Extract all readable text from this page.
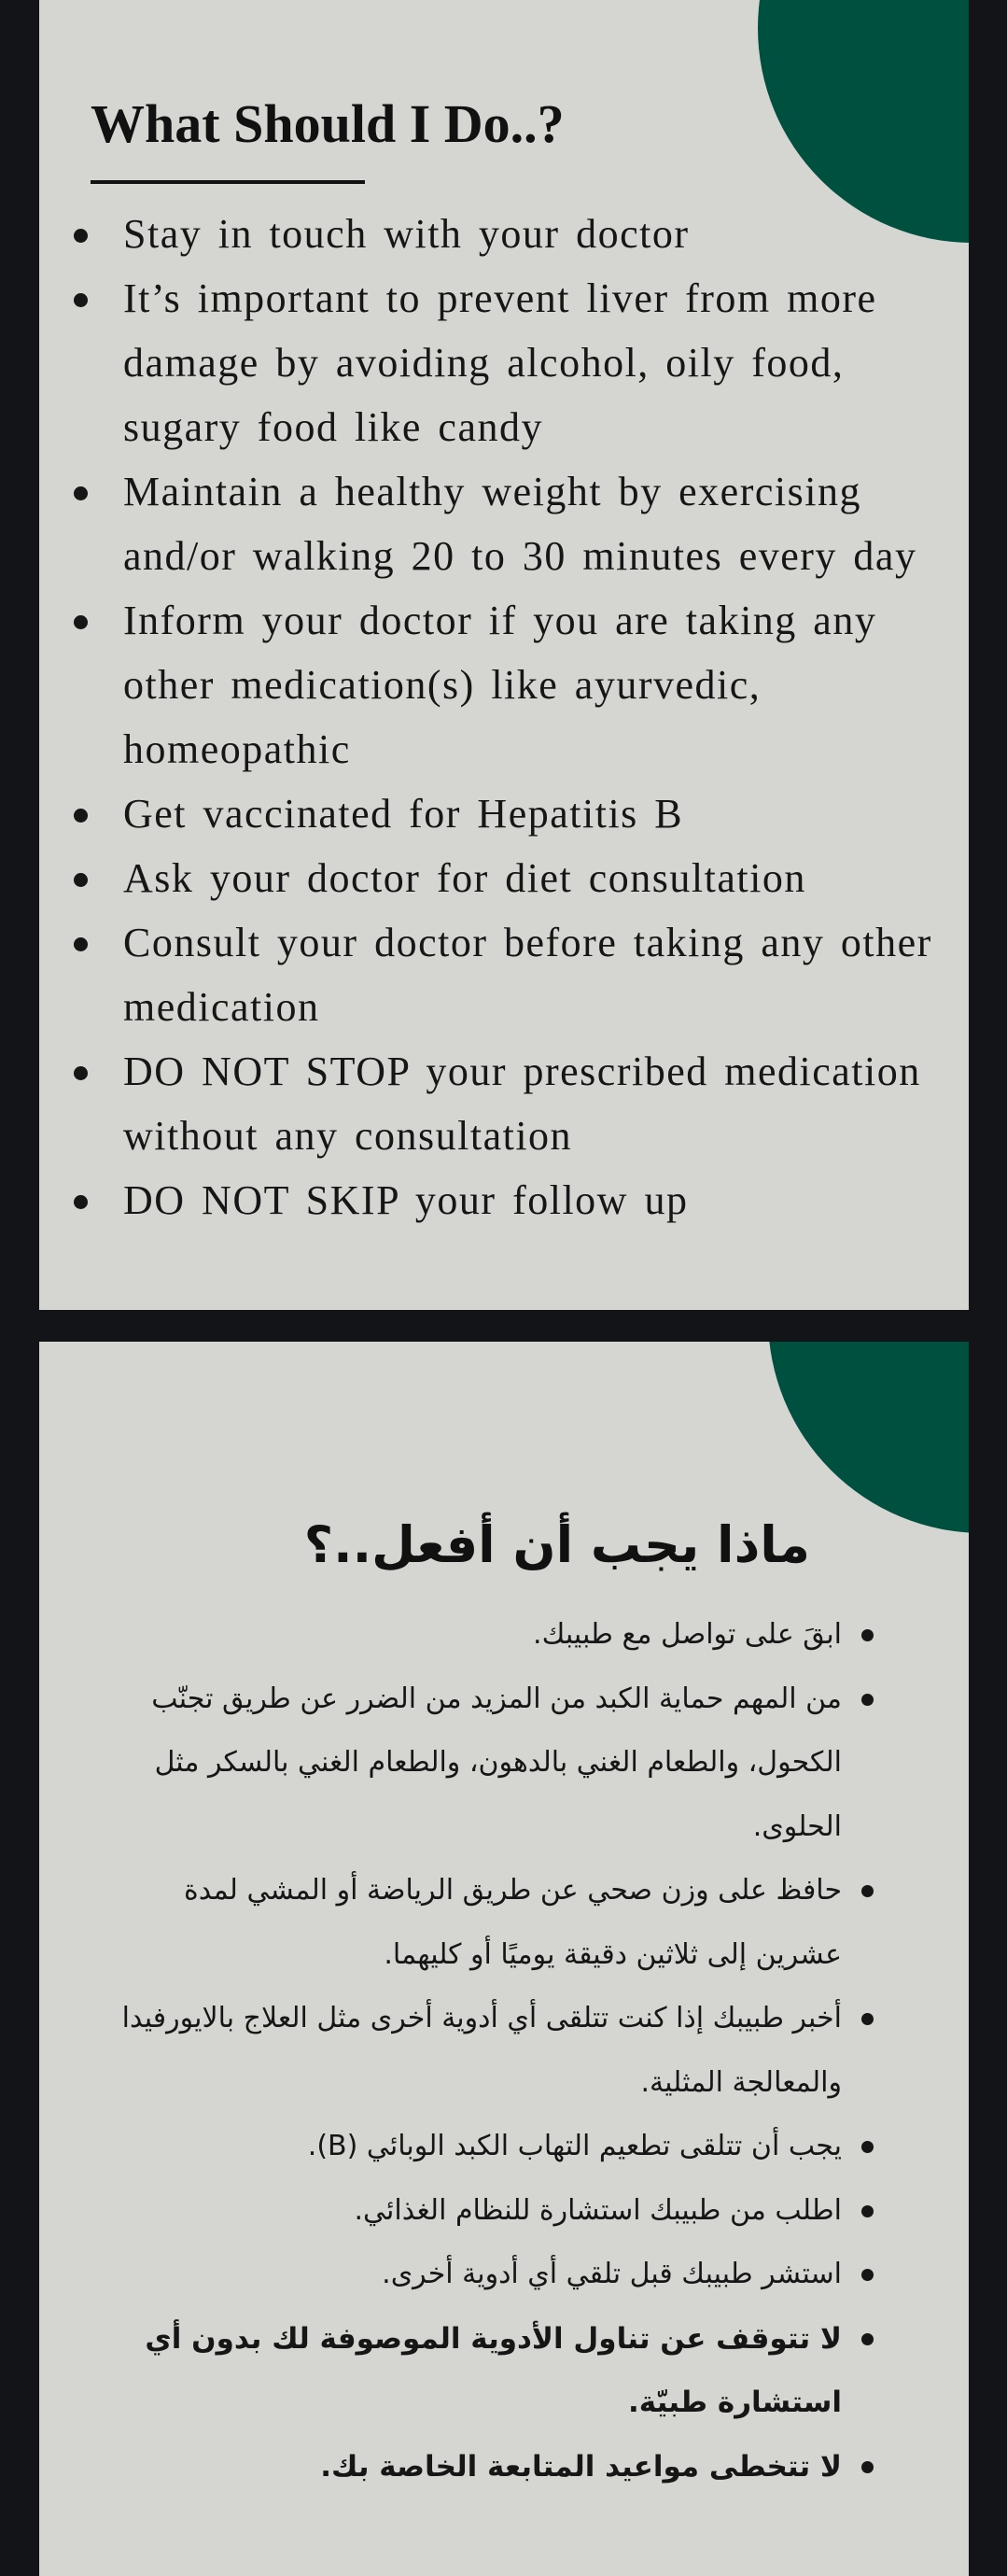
What Should I Do..?
Stay in touch with your doctor
It’s important to prevent liver from more damage by avoiding alcohol, oily food, sugary food like candy
Maintain a healthy weight by exercising and/or walking 20 to 30 minutes every day
Inform your doctor if you are taking any other medication(s) like ayurvedic, homeopathic
Get vaccinated for Hepatitis B
Ask your doctor for diet consultation
Consult your doctor before taking any other medication
DO NOT STOP your prescribed medication without any consultation
DO NOT SKIP your follow up
ماذا يجب أن أفعل..؟
ابقَ على تواصل مع طبيبك.
من المهم حماية الكبد من المزيد من الضرر عن طريق تجنّب الكحول، والطعام الغني بالدهون، والطعام الغني بالسكر مثل الحلوى.
حافظ على وزن صحي عن طريق الرياضة أو المشي لمدة عشرين إلى ثلاثين دقيقة يوميًا أو كليهما.
أخبر طبيبك إذا كنت تتلقى أي أدوية أخرى مثل العلاج بالايورفيدا والمعالجة المثلية.
يجب أن تتلقى تطعيم التهاب الكبد الوبائي (B).
اطلب من طبيبك استشارة للنظام الغذائي.
استشر طبيبك قبل تلقي أي أدوية أخرى.
لا تتوقف عن تناول الأدوية الموصوفة لك بدون أي استشارة طبيّة.
لا تتخطى مواعيد المتابعة الخاصة بك.
